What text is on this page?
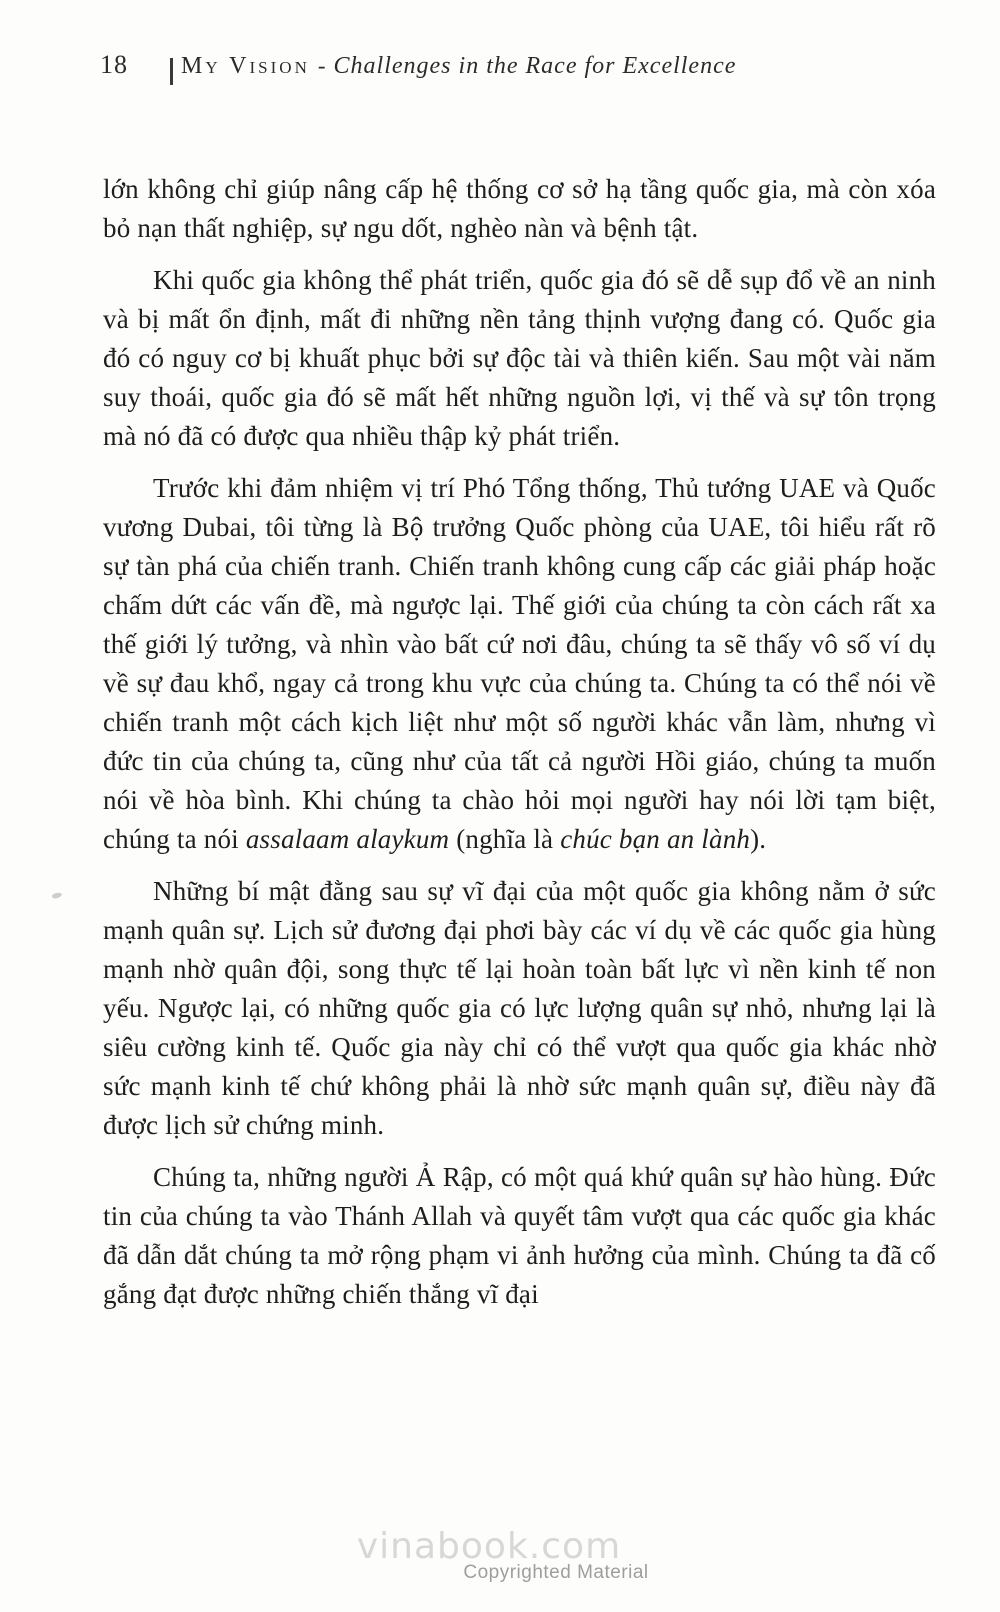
18 My Vision - Challenges in the Race for Excellence

lớn không chỉ giúp nâng cấp hệ thống cơ sở hạ tầng quốc gia, mà còn xóa bỏ nạn thất nghiệp, sự ngu dốt, nghèo nàn và bệnh tật.

Khi quốc gia không thể phát triển, quốc gia đó sẽ dễ sụp đổ về an ninh và bị mất ổn định, mất đi những nền tảng thịnh vượng đang có. Quốc gia đó có nguy cơ bị khuất phục bởi sự độc tài và thiên kiến. Sau một vài năm suy thoái, quốc gia đó sẽ mất hết những nguồn lợi, vị thế và sự tôn trọng mà nó đã có được qua nhiều thập kỷ phát triển.

Trước khi đảm nhiệm vị trí Phó Tổng thống, Thủ tướng UAE và Quốc vương Dubai, tôi từng là Bộ trưởng Quốc phòng của UAE, tôi hiểu rất rõ sự tàn phá của chiến tranh. Chiến tranh không cung cấp các giải pháp hoặc chấm dứt các vấn đề, mà ngược lại. Thế giới của chúng ta còn cách rất xa thế giới lý tưởng, và nhìn vào bất cứ nơi đâu, chúng ta sẽ thấy vô số ví dụ về sự đau khổ, ngay cả trong khu vực của chúng ta. Chúng ta có thể nói về chiến tranh một cách kịch liệt như một số người khác vẫn làm, nhưng vì đức tin của chúng ta, cũng như của tất cả người Hồi giáo, chúng ta muốn nói về hòa bình. Khi chúng ta chào hỏi mọi người hay nói lời tạm biệt, chúng ta nói assalaam alaykum (nghĩa là chúc bạn an lành).

Những bí mật đằng sau sự vĩ đại của một quốc gia không nằm ở sức mạnh quân sự. Lịch sử đương đại phơi bày các ví dụ về các quốc gia hùng mạnh nhờ quân đội, song thực tế lại hoàn toàn bất lực vì nền kinh tế non yếu. Ngược lại, có những quốc gia có lực lượng quân sự nhỏ, nhưng lại là siêu cường kinh tế. Quốc gia này chỉ có thể vượt qua quốc gia khác nhờ sức mạnh kinh tế chứ không phải là nhờ sức mạnh quân sự, điều này đã được lịch sử chứng minh.

Chúng ta, những người Ả Rập, có một quá khứ quân sự hào hùng. Đức tin của chúng ta vào Thánh Allah và quyết tâm vượt qua các quốc gia khác đã dẫn dắt chúng ta mở rộng phạm vi ảnh hưởng của mình. Chúng ta đã cố gắng đạt được những chiến thắng vĩ đại

vinabook.com
Copyrighted Material
